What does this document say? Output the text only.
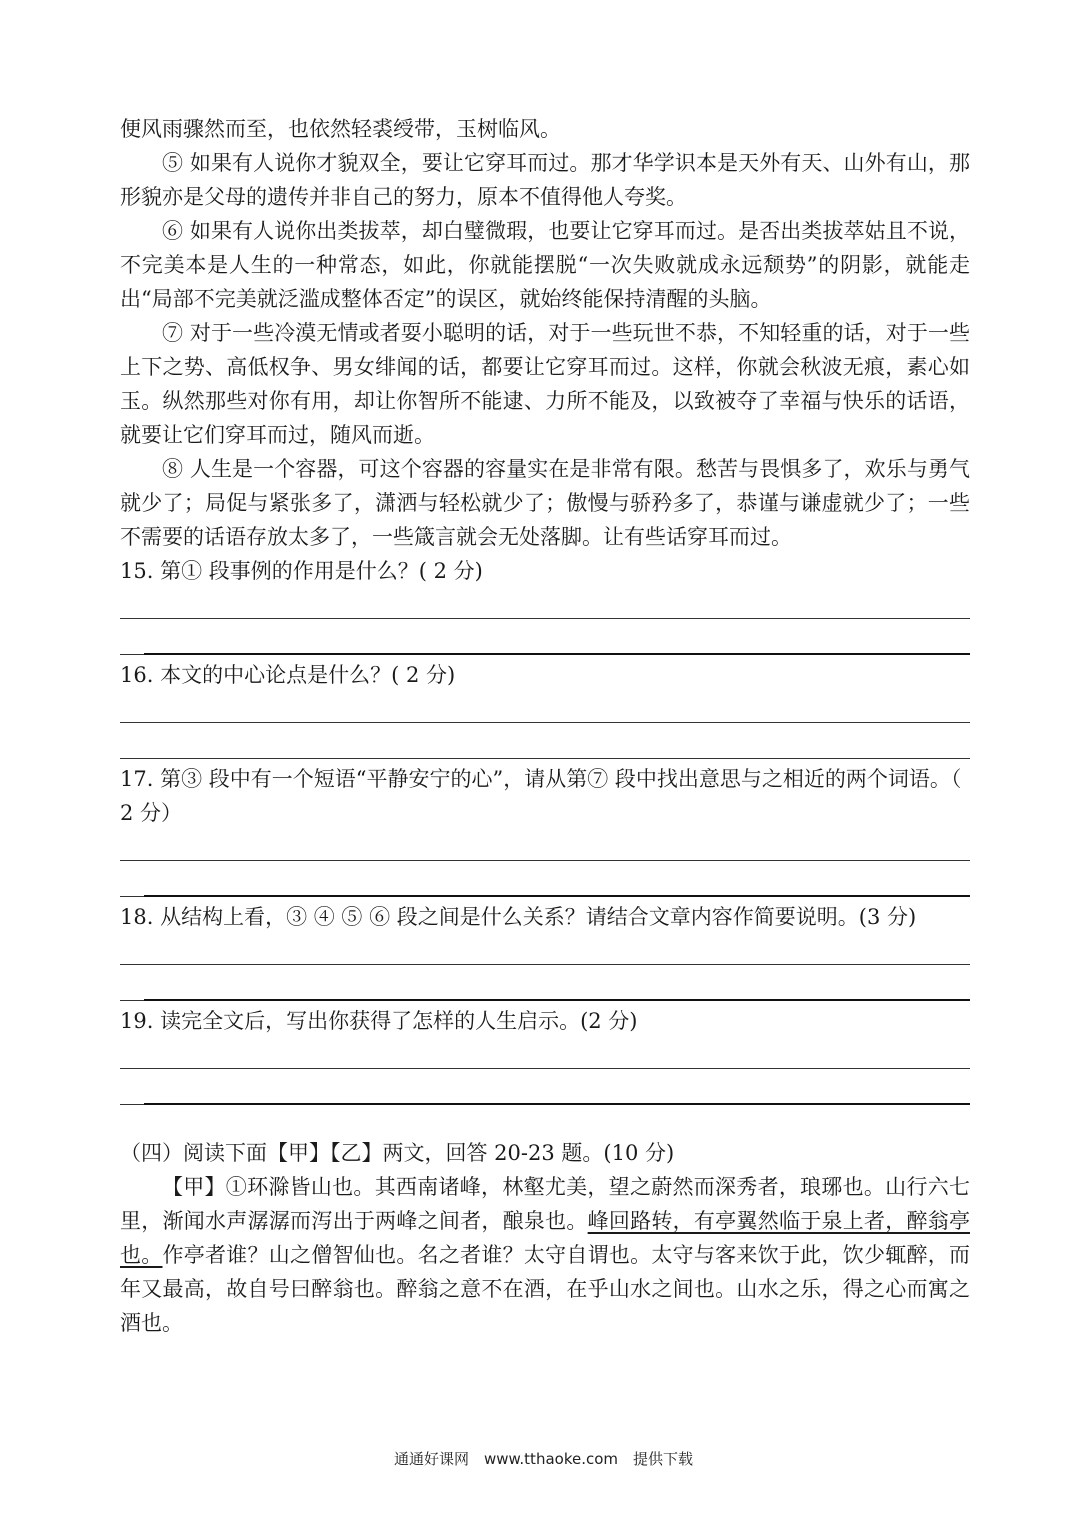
便风雨骤然而至，也依然轻裘绶带，玉树临风。

⑤ 如果有人说你才貌双全，要让它穿耳而过。那才华学识本是天外有天、山外有山，那形貌亦是父母的遗传并非自己的努力，原本不值得他人夸奖。

⑥ 如果有人说你出类拔萃，却白璧微瑕，也要让它穿耳而过。是否出类拔萃姑且不说，不完美本是人生的一种常态，如此，你就能摆脱“一次失败就成永远颓势”的阴影，就能走出“局部不完美就泛滥成整体否定”的误区，就始终能保持清醒的头脑。

⑦ 对于一些冷漠无情或者耍小聪明的话，对于一些玩世不恭，不知轻重的话，对于一些上下之势、高低权争、男女绯闻的话，都要让它穿耳而过。这样，你就会秋波无痕，素心如玉。纵然那些对你有用，却让你智所不能逮、力所不能及，以致被夺了幸福与快乐的话语，就要让它们穿耳而过，随风而逝。

⑧ 人生是一个容器，可这个容器的容量实在是非常有限。愁苦与畏惧多了，欢乐与勇气就少了；局促与紧张多了，潇洒与轻松就少了；傲慢与骄矜多了，恭谨与谦虚就少了；一些不需要的话语存放太多了，一些箴言就会无处落脚。让有些话穿耳而过。

15. 第① 段事例的作用是什么？( 2 分)

16. 本文的中心论点是什么？( 2 分)

17. 第③ 段中有一个短语“平静安宁的心”，请从第⑦ 段中找出意思与之相近的两个词语。（ 2 分）

18. 从结构上看，③ ④ ⑤ ⑥ 段之间是什么关系？请结合文章内容作简要说明。(3 分)

19. 读完全文后，写出你获得了怎样的人生启示。(2 分)

（四）阅读下面【甲】【乙】两文，回答 20-23 题。(10 分)

【甲】①环滁皆山也。其西南诸峰，林壑尤美，望之蔚然而深秀者，琅琊也。山行六七里，渐闻水声潺潺而泻出于两峰之间者，酿泉也。峰回路转，有亭翼然临于泉上者，醉翁亭也。作亭者谁？山之僧智仙也。名之者谁？太守自谓也。太守与客来饮于此，饮少辄醉，而年又最高，故自号曰醉翁也。醉翁之意不在酒，在乎山水之间也。山水之乐，得之心而寓之酒也。

通通好课网　www.tthaoke.com　提供下载
